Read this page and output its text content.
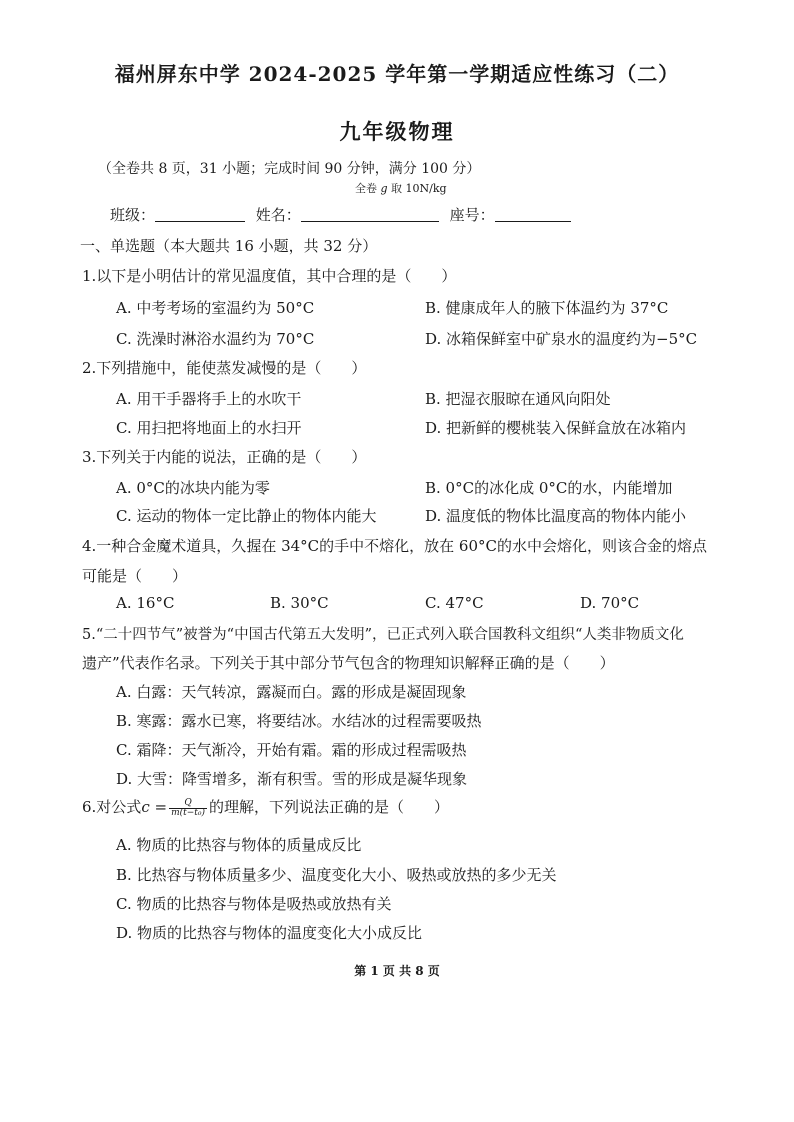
福州屏东中学 2024-2025 学年第一学期适应性练习（二）
九年级物理
（全卷共 8 页，31 小题；完成时间 90 分钟，满分 100 分）
全卷 g 取 10N/kg
班级：	姓名：	座号：
一、单选题（本大题共 16 小题，共 32 分）
1.以下是小明估计的常见温度值，其中合理的是（　　）
A. 中考考场的室温约为 50°C	B. 健康成年人的腋下体温约为 37°C
C. 洗澡时淋浴水温约为 70°C	D. 冰箱保鲜室中矿泉水的温度约为−5°C
2.下列措施中，能使蒸发减慢的是（　　）
A. 用干手器将手上的水吹干	B. 把湿衣服晾在通风向阳处
C. 用扫把将地面上的水扫开	D. 把新鲜的樱桃装入保鲜盒放在冰箱内
3.下列关于内能的说法，正确的是（　　）
A. 0°C的冰块内能为零	B. 0°C的冰化成 0°C的水，内能增加
C. 运动的物体一定比静止的物体内能大	D. 温度低的物体比温度高的物体内能小
4.一种合金魔术道具，久握在 34°C的手中不熔化，放在 60°C的水中会熔化，则该合金的熔点
可能是（　　）
A. 16°C	B. 30°C	C. 47°C	D. 70°C
5.“二十四节气”被誉为“中国古代第五大发明”，已正式列入联合国教科文组织“人类非物质文化
遗产”代表作名录。下列关于其中部分节气包含的物理知识解释正确的是（　　）
A. 白露：天气转凉，露凝而白。露的形成是凝固现象
B. 寒露：露水已寒，将要结冰。水结冰的过程需要吸热
C. 霜降：天气渐冷，开始有霜。霜的形成过程需吸热
D. 大雪：降雪增多，渐有积雪。雪的形成是凝华现象
6.对公式$c = \frac{Q}{\text{m(t−t₀)}}$ 的理解，下列说法正确的是（　　）
A. 物质的比热容与物体的质量成反比
B. 比热容与物体质量多少、温度变化大小、吸热或放热的多少无关
C. 物质的比热容与物体是吸热或放热有关
D. 物质的比热容与物体的温度变化大小成反比
第 1 页 共 8 页
